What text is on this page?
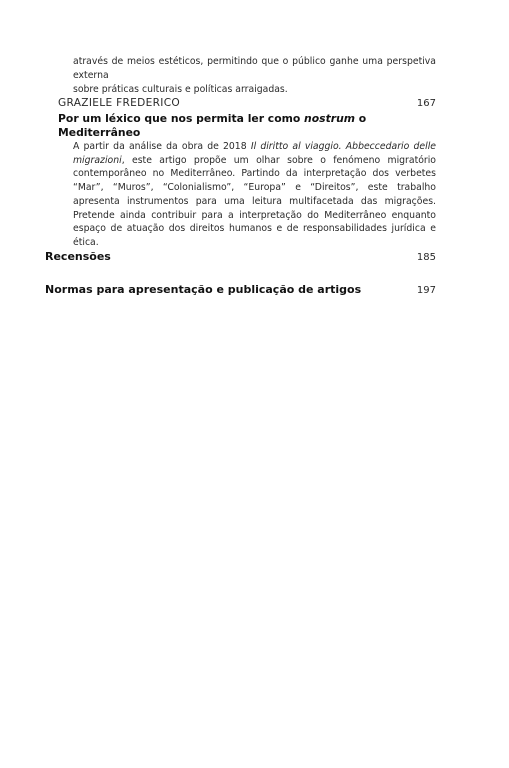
através de meios estéticos, permitindo que o público ganhe uma perspetiva externa

sobre práticas culturais e políticas arraigadas.

GRAZIELE FREDERICO	167
Por um léxico que nos permita ler como nostrum o Mediterrâneo

A partir da análise da obra de 2018 Il diritto al viaggio. Abbeccedario delle migrazioni, este artigo propõe um olhar sobre o fenómeno migratório contemporâneo no Mediterrâneo. Partindo da interpretação dos verbetes “Mar”, “Muros”, “Colonialismo”, “Europa” e “Direitos”, este trabalho apresenta instrumentos para uma leitura multifacetada das migrações. Pretende ainda contribuir para a interpretação do Mediterrâneo enquanto espaço de atuação dos direitos humanos e de responsabilidades jurídica e ética.

Recensões	185
Normas para apresentação e publicação de artigos	197
